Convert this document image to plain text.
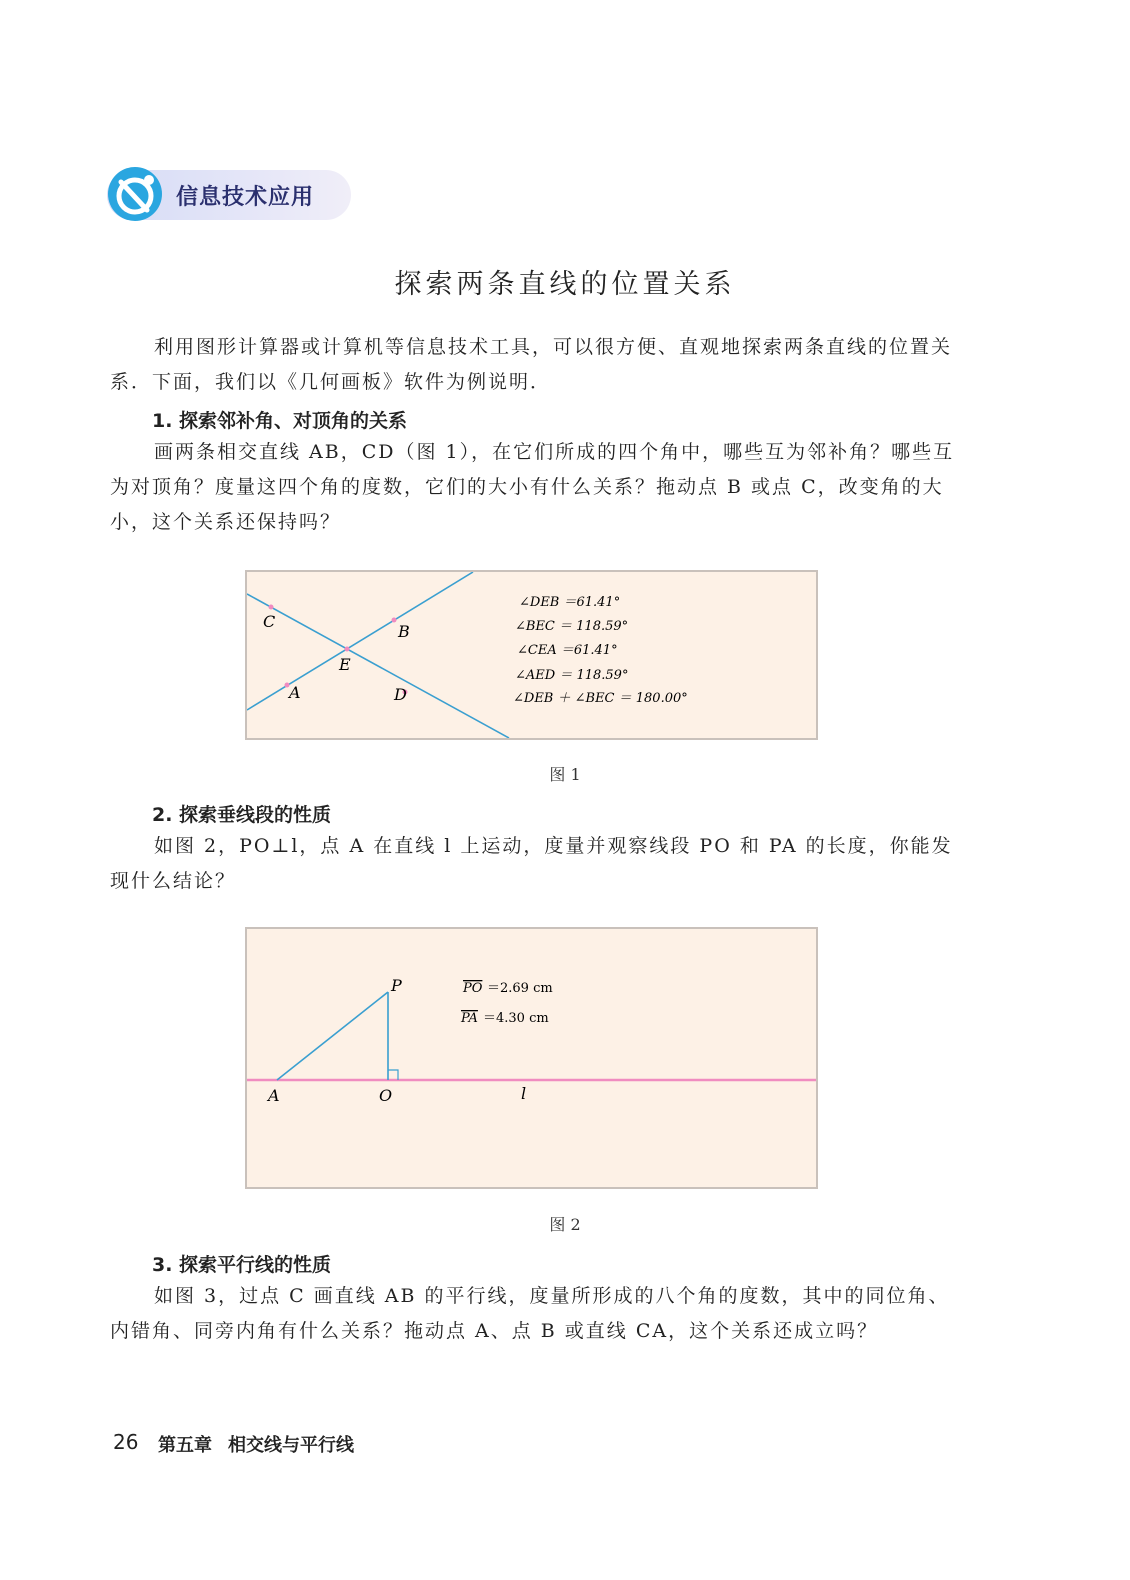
信息技术应用
探索两条直线的位置关系
利用图形计算器或计算机等信息技术工具，可以很方便、直观地探索两条直线的位置关系．下面，我们以《几何画板》软件为例说明．
1. 探索邻补角、对顶角的关系
画两条相交直线 AB，CD（图 1），在它们所成的四个角中，哪些互为邻补角？哪些互为对顶角？度量这四个角的度数，它们的大小有什么关系？拖动点 B 或点 C，改变角的大小，这个关系还保持吗？
C
B
E
A	D
∠DEB ＝61.41°
∠BEC ＝ 118.59°
∠CEA ＝61.41°
∠AED ＝ 118.59°
∠DEB ＋ ∠BEC ＝ 180.00°
图 1
2. 探索垂线段的性质
如图 2，PO⊥l，点 A 在直线 l 上运动，度量并观察线段 PO 和 PA 的长度，你能发现什么结论？
P
A	O	l
PO ＝2.69 cm
PA ＝4.30 cm
图 2
3. 探索平行线的性质
如图 3，过点 C 画直线 AB 的平行线，度量所形成的八个角的度数，其中的同位角、内错角、同旁内角有什么关系？拖动点 A、点 B 或直线 CA，这个关系还成立吗？
26 第五章 相交线与平行线
